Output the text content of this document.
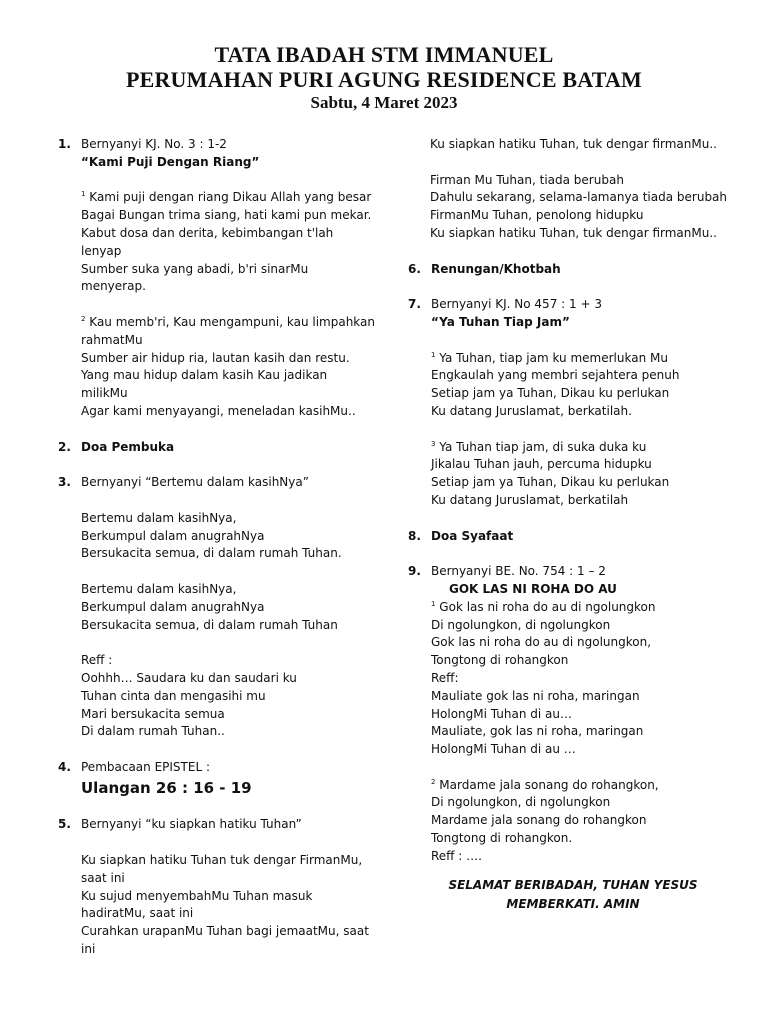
TATA IBADAH STM IMMANUEL
PERUMAHAN PURI AGUNG RESIDENCE BATAM
Sabtu, 4 Maret 2023
1. Bernyanyi KJ. No. 3 : 1-2
“Kami Puji Dengan Riang”
$^1$ Kami puji dengan riang Dikau Allah yang besar
Bagai Bungan trima siang, hati kami pun mekar.
Kabut dosa dan derita, kebimbangan t'lah
lenyap
Sumber suka yang abadi, b'ri sinarMu
menyerap.
$^2$ Kau memb'ri, Kau mengampuni, kau limpahkan
rahmatMu
Sumber air hidup ria, lautan kasih dan restu.
Yang mau hidup dalam kasih Kau jadikan
milikMu
Agar kami menyayangi, meneladan kasihMu..
2. Doa Pembuka
3. Bernyanyi “Bertemu dalam kasihNya”
Bertemu dalam kasihNya,
Berkumpul dalam anugrahNya
Bersukacita semua, di dalam rumah Tuhan.
Bertemu dalam kasihNya,
Berkumpul dalam anugrahNya
Bersukacita semua, di dalam rumah Tuhan
Reff :
Oohhh… Saudara ku dan saudari ku
Tuhan cinta dan mengasihi mu
Mari bersukacita semua
Di dalam rumah Tuhan..
4. Pembacaan EPISTEL :
Ulangan 26 : 16 - 19
5. Bernyanyi “ku siapkan hatiku Tuhan”
Ku siapkan hatiku Tuhan tuk dengar FirmanMu,
saat ini
Ku sujud menyembahMu Tuhan masuk
hadiratMu, saat ini
Curahkan urapanMu Tuhan bagi jemaatMu, saat
ini
Ku siapkan hatiku Tuhan, tuk dengar firmanMu..
Firman Mu Tuhan, tiada berubah
Dahulu sekarang, selama-lamanya tiada berubah
FirmanMu Tuhan, penolong hidupku
Ku siapkan hatiku Tuhan, tuk dengar firmanMu..
6. Renungan/Khotbah
7. Bernyanyi KJ. No 457 : 1 + 3
“Ya Tuhan Tiap Jam”
$^1$ Ya Tuhan, tiap jam ku memerlukan Mu
Engkaulah yang membri sejahtera penuh
Setiap jam ya Tuhan, Dikau ku perlukan
Ku datang Juruslamat, berkatilah.
$^3$ Ya Tuhan tiap jam, di suka duka ku
Jikalau Tuhan jauh, percuma hidupku
Setiap jam ya Tuhan, Dikau ku perlukan
Ku datang Juruslamat, berkatilah
8. Doa Syafaat
9. Bernyanyi BE. No. 754 : 1 – 2
GOK LAS NI ROHA DO AU
$^1$ Gok las ni roha do au di ngolungkon
Di ngolungkon, di ngolungkon
Gok las ni roha do au di ngolungkon,
Tongtong di rohangkon
Reff:
Mauliate gok las ni roha, maringan
HolongMi Tuhan di au…
Mauliate, gok las ni roha, maringan
HolongMi Tuhan di au …
$^2$ Mardame jala sonang do rohangkon,
Di ngolungkon, di ngolungkon
Mardame jala sonang do rohangkon
Tongtong di rohangkon.
Reff : ….
SELAMAT BERIBADAH, TUHAN YESUS
MEMBERKATI. AMIN
